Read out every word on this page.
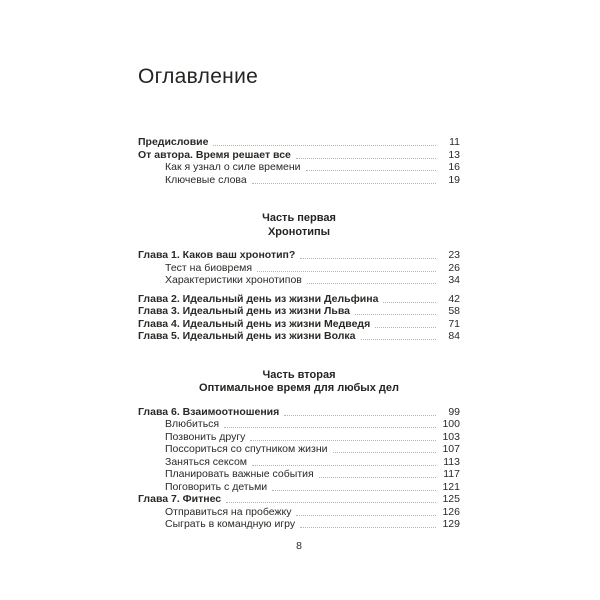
Оглавление
Предисловие	11
От автора. Время решает все	13
Как я узнал о силе времени	16
Ключевые слова	19
Часть первая
Хронотипы
Глава 1. Каков ваш хронотип?	23
Тест на биовремя	26
Характеристики хронотипов	34
Глава 2. Идеальный день из жизни Дельфина	42
Глава 3. Идеальный день из жизни Льва	58
Глава 4. Идеальный день из жизни Медведя	71
Глава 5. Идеальный день из жизни Волка	84
Часть вторая
Оптимальное время для любых дел
Глава 6. Взаимоотношения	99
Влюбиться	100
Позвонить другу	103
Поссориться со спутником жизни	107
Заняться сексом	113
Планировать важные события	117
Поговорить с детьми	121
Глава 7. Фитнес	125
Отправиться на пробежку	126
Сыграть в командную игру	129
8
